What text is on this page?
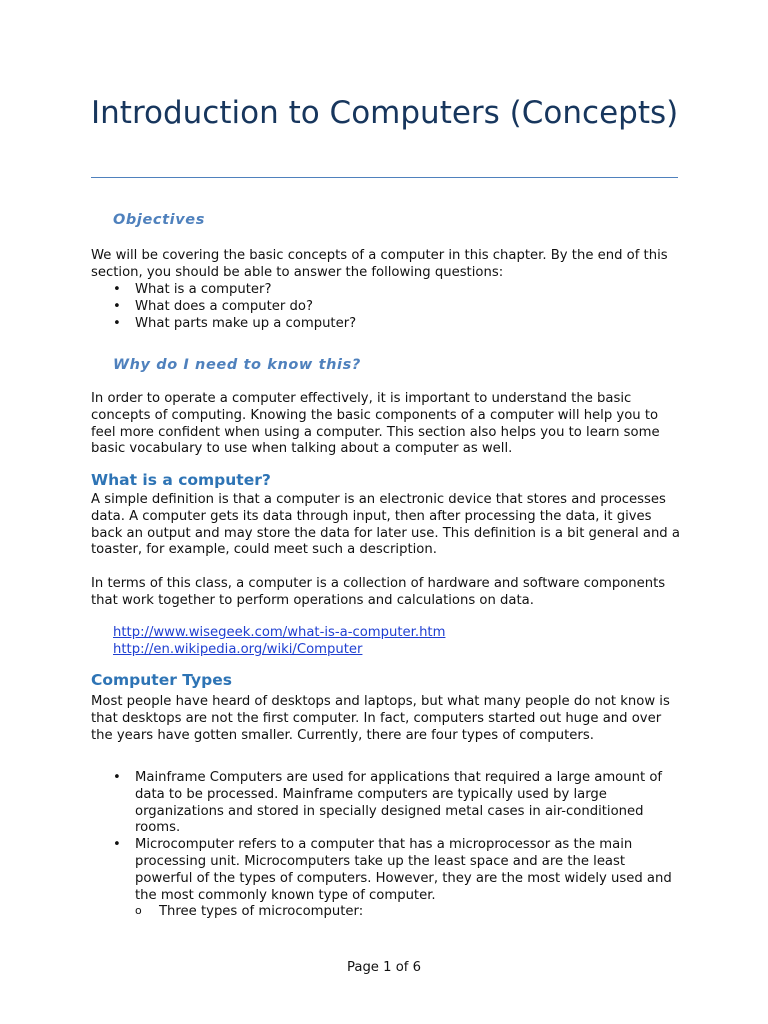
Introduction to Computers (Concepts)
Objectives

We will be covering the basic concepts of a computer in this chapter. By the end of this section, you should be able to answer the following questions:

• What is a computer?
• What does a computer do?
• What parts make up a computer?
Why do I need to know this?

In order to operate a computer effectively, it is important to understand the basic concepts of computing. Knowing the basic components of a computer will help you to feel more confident when using a computer. This section also helps you to learn some basic vocabulary to use when talking about a computer as well.

What is a computer?

A simple definition is that a computer is an electronic device that stores and processes data. A computer gets its data through input, then after processing the data, it gives back an output and may store the data for later use. This definition is a bit general and a toaster, for example, could meet such a description.

In terms of this class, a computer is a collection of hardware and software components that work together to perform operations and calculations on data.

http://www.wisegeek.com/what-is-a-computer.htm
http://en.wikipedia.org/wiki/Computer
Computer Types

Most people have heard of desktops and laptops, but what many people do not know is that desktops are not the first computer. In fact, computers started out huge and over the years have gotten smaller. Currently, there are four types of computers.

• Mainframe Computers are used for applications that required a large amount of data to be processed. Mainframe computers are typically used by large organizations and stored in specially designed metal cases in air-conditioned rooms.
• Microcomputer refers to a computer that has a microprocessor as the main processing unit. Microcomputers take up the least space and are the least powerful of the types of computers. However, they are the most widely used and the most commonly known type of computer.
o Three types of microcomputer:
Page 1 of 6
